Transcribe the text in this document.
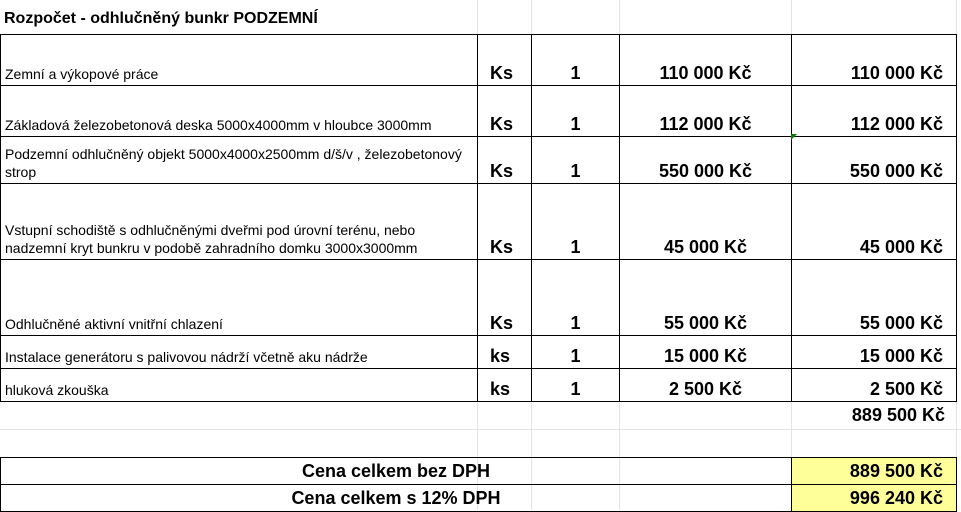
Rozpočet - odhlučněný bunkr PODZEMNÍ
Zemní a výkopové práce	Ks	1	110 000 Kč	110 000 Kč
Základová železobetonová deska 5000x4000mm v hloubce 3000mm	Ks	1	112 000 Kč	112 000 Kč
Podzemní odhlučněný objekt 5000x4000x2500mm d/š/v , železobetonový strop	Ks	1	550 000 Kč	550 000 Kč
Vstupní schodiště s odhlučněnými dveřmi pod úrovní terénu, nebo nadzemní kryt bunkru v podobě zahradního domku 3000x3000mm	Ks	1	45 000 Kč	45 000 Kč
Odhlučněné aktivní vnitřní chlazení	Ks	1	55 000 Kč	55 000 Kč
Instalace generátoru s palivovou nádrží včetně aku nádrže	ks	1	15 000 Kč	15 000 Kč
hluková zkouška	ks	1	2 500 Kč	2 500 Kč
889 500 Kč
Cena celkem bez DPH	889 500 Kč
Cena celkem s 12% DPH	996 240 Kč
